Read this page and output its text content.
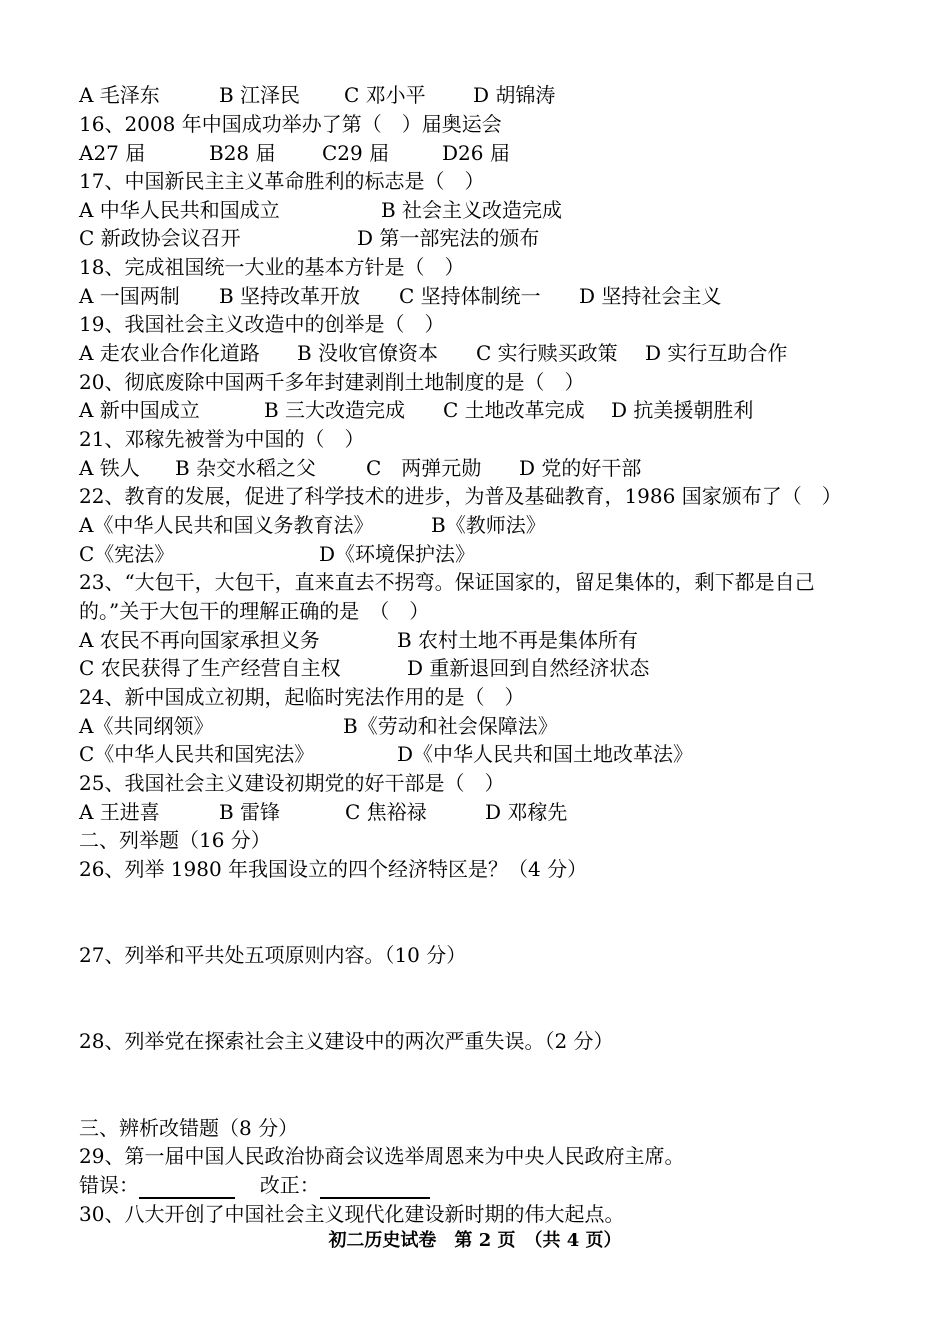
A 毛泽东	B 江泽民 C 邓小平 D 胡锦涛
16、2008 年中国成功举办了第（　）届奥运会
A27 届	B28 届 C29 届	D26 届
17、中国新民主主义革命胜利的标志是（　）
A 中华人民共和国成立	B 社会主义改造完成
C 新政协会议召开	D 第一部宪法的颁布
18、完成祖国统一大业的基本方针是（　）
A 一国两制 B 坚持改革开放 C 坚持体制统一 D 坚持社会主义
19、我国社会主义改造中的创举是（　）
A 走农业合作化道路 B 没收官僚资本 C 实行赎买政策 D 实行互助合作
20、彻底废除中国两千多年封建剥削土地制度的是（　）
A 新中国成立	B 三大改造完成 C 土地改革完成 D 抗美援朝胜利
21、邓稼先被誉为中国的（　）
A 铁人 B 杂交水稻之父 C　两弹元勋 D 党的好干部
22、教育的发展，促进了科学技术的进步，为普及基础教育，1986 国家颁布了（　）
A《中华人民共和国义务教育法》	B《教师法》
C《宪法》	D《环境保护法》
23、“大包干，大包干，直来直去不拐弯。保证国家的，留足集体的，剩下都是自己
的。”关于大包干的理解正确的是　（　）
A 农民不再向国家承担义务	B 农村土地不再是集体所有
C 农民获得了生产经营自主权	D 重新退回到自然经济状态
24、新中国成立初期，起临时宪法作用的是（　）
A《共同纲领》	B《劳动和社会保障法》
C《中华人民共和国宪法》	D《中华人民共和国土地改革法》
25、我国社会主义建设初期党的好干部是（　）
A 王进喜	B 雷锋	C 焦裕禄	D 邓稼先
二、列举题（16 分）
26、列举 1980 年我国设立的四个经济特区是？（4 分）
27、列举和平共处五项原则内容。（10 分）
28、列举党在探索社会主义建设中的两次严重失误。（2 分）
三、辨析改错题（8 分）
29、第一届中国人民政治协商会议选举周恩来为中央人民政府主席。
错误：	改正：
30、八大开创了中国社会主义现代化建设新时期的伟大起点。
初二历史试卷　第 2 页　（共 4 页）
